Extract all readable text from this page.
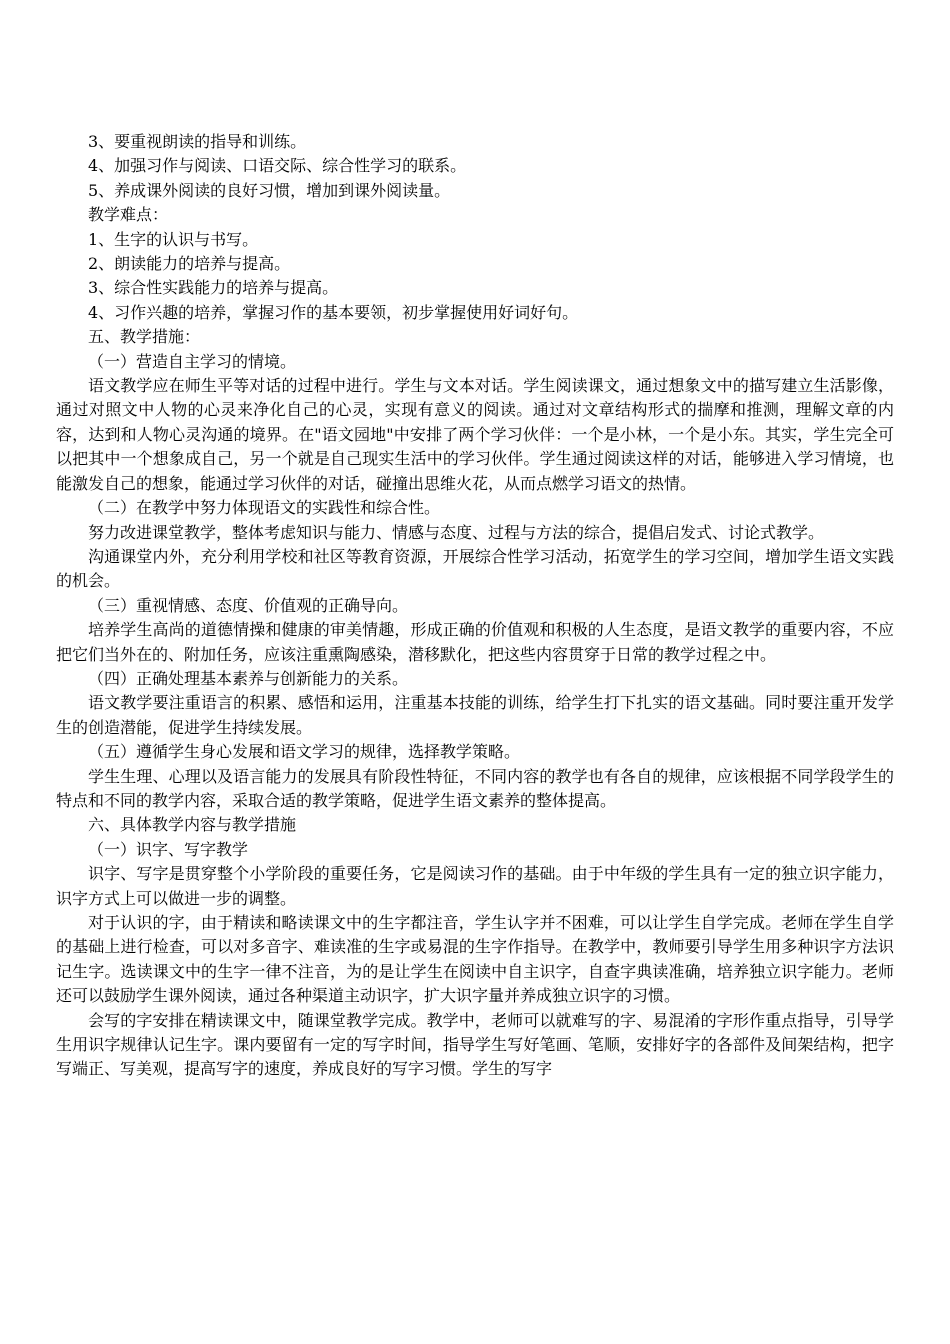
3、要重视朗读的指导和训练。

4、加强习作与阅读、口语交际、综合性学习的联系。

5、养成课外阅读的良好习惯，增加到课外阅读量。

教学难点：

1、生字的认识与书写。

2、朗读能力的培养与提高。

3、综合性实践能力的培养与提高。

4、习作兴趣的培养，掌握习作的基本要领，初步掌握使用好词好句。

五、教学措施：

（一）营造自主学习的情境。

语文教学应在师生平等对话的过程中进行。学生与文本对话。学生阅读课文，通过想象文中的描写建立生活影像，通过对照文中人物的心灵来净化自己的心灵，实现有意义的阅读。通过对文章结构形式的揣摩和推测，理解文章的内容，达到和人物心灵沟通的境界。在"语文园地"中安排了两个学习伙伴：一个是小林，一个是小东。其实，学生完全可以把其中一个想象成自己，另一个就是自己现实生活中的学习伙伴。学生通过阅读这样的对话，能够进入学习情境，也能激发自己的想象，能通过学习伙伴的对话，碰撞出思维火花，从而点燃学习语文的热情。

（二）在教学中努力体现语文的实践性和综合性。

努力改进课堂教学，整体考虑知识与能力、情感与态度、过程与方法的综合，提倡启发式、讨论式教学。

沟通课堂内外，充分利用学校和社区等教育资源，开展综合性学习活动，拓宽学生的学习空间，增加学生语文实践的机会。

（三）重视情感、态度、价值观的正确导向。

培养学生高尚的道德情操和健康的审美情趣，形成正确的价值观和积极的人生态度，是语文教学的重要内容，不应把它们当外在的、附加任务，应该注重熏陶感染，潜移默化，把这些内容贯穿于日常的教学过程之中。

（四）正确处理基本素养与创新能力的关系。

语文教学要注重语言的积累、感悟和运用，注重基本技能的训练，给学生打下扎实的语文基础。同时要注重开发学生的创造潜能，促进学生持续发展。

（五）遵循学生身心发展和语文学习的规律，选择教学策略。

学生生理、心理以及语言能力的发展具有阶段性特征，不同内容的教学也有各自的规律，应该根据不同学段学生的特点和不同的教学内容，采取合适的教学策略，促进学生语文素养的整体提高。

六、具体教学内容与教学措施

（一）识字、写字教学

识字、写字是贯穿整个小学阶段的重要任务，它是阅读习作的基础。由于中年级的学生具有一定的独立识字能力，识字方式上可以做进一步的调整。

对于认识的字，由于精读和略读课文中的生字都注音，学生认字并不困难，可以让学生自学完成。老师在学生自学的基础上进行检查，可以对多音字、难读准的生字或易混的生字作指导。在教学中，教师要引导学生用多种识字方法识记生字。选读课文中的生字一律不注音，为的是让学生在阅读中自主识字，自查字典读准确，培养独立识字能力。老师还可以鼓励学生课外阅读，通过各种渠道主动识字，扩大识字量并养成独立识字的习惯。

会写的字安排在精读课文中，随课堂教学完成。教学中，老师可以就难写的字、易混淆的字形作重点指导，引导学生用识字规律认记生字。课内要留有一定的写字时间，指导学生写好笔画、笔顺，安排好字的各部件及间架结构，把字写端正、写美观，提高写字的速度，养成良好的写字习惯。学生的写字
